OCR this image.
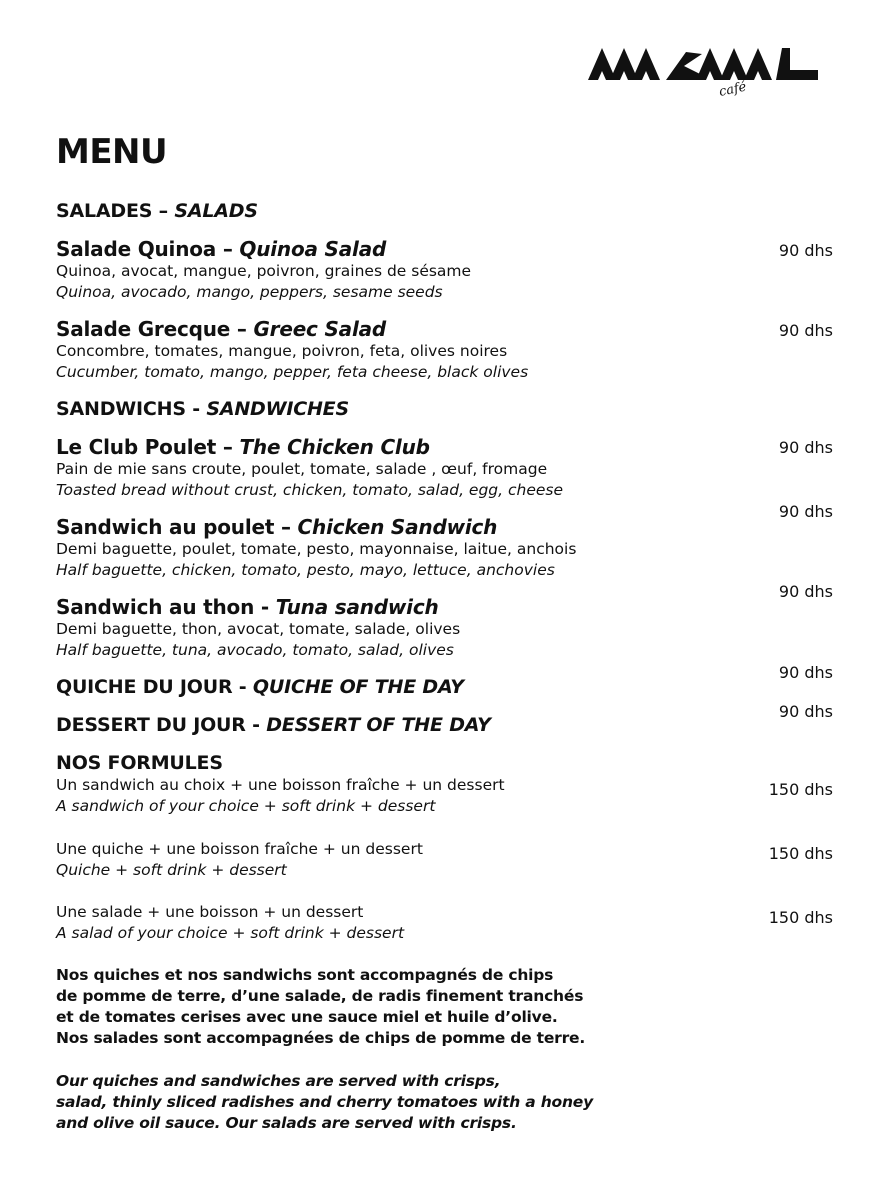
café
MENU
SALADES – SALADS
Salade Quinoa – Quinoa Salad
Quinoa, avocat, mangue, poivron, graines de sésame
Quinoa, avocado, mango, peppers, sesame seeds
90 dhs
Salade Grecque – Greec Salad
Concombre, tomates, mangue, poivron, feta, olives noires
Cucumber, tomato, mango, pepper, feta cheese, black olives
90 dhs
SANDWICHS - SANDWICHES
Le Club Poulet – The Chicken Club
Pain de mie sans croute, poulet, tomate, salade , œuf, fromage
Toasted bread without crust, chicken, tomato, salad, egg, cheese
90 dhs
Sandwich au poulet – Chicken Sandwich
Demi baguette, poulet, tomate, pesto, mayonnaise, laitue, anchois
Half baguette, chicken, tomato, pesto, mayo, lettuce, anchovies
90 dhs
Sandwich au thon - Tuna sandwich
Demi baguette, thon, avocat, tomate, salade, olives
Half baguette, tuna, avocado, tomato, salad, olives
90 dhs
QUICHE DU JOUR - QUICHE OF THE DAY
90 dhs
DESSERT DU JOUR - DESSERT OF THE DAY
90 dhs
NOS FORMULES
Un sandwich au choix + une boisson fraîche + un dessert
A sandwich of your choice + soft drink + dessert
150 dhs
Une quiche + une boisson fraîche + un dessert
Quiche + soft drink + dessert
150 dhs
Une salade + une boisson + un dessert
A salad of your choice + soft drink + dessert
150 dhs
Nos quiches et nos sandwichs sont accompagnés de chips
de pomme de terre, d’une salade, de radis finement tranchés
et de tomates cerises avec une sauce miel et huile d’olive.
Nos salades sont accompagnées de chips de pomme de terre.
Our quiches and sandwiches are served with crisps,
salad, thinly sliced radishes and cherry tomatoes with a honey
and olive oil sauce. Our salads are served with crisps.
